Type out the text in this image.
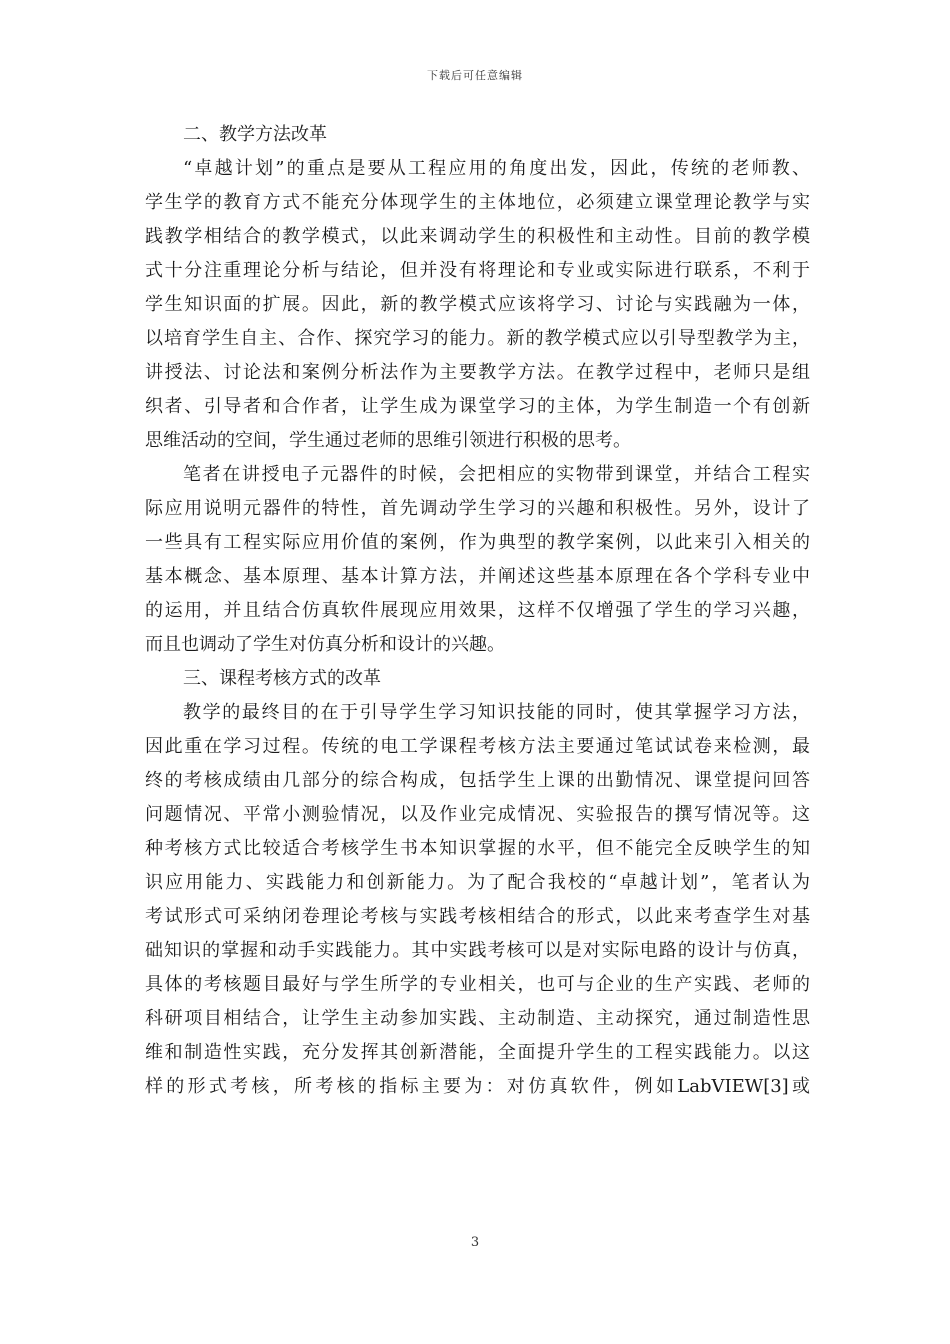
下载后可任意编辑
二、教学方法改革

“卓越计划”的重点是要从工程应用的角度出发，因此，传统的老师教、
学生学的教育方式不能充分体现学生的主体地位，必须建立课堂理论教学与实
践教学相结合的教学模式，以此来调动学生的积极性和主动性。目前的教学模
式十分注重理论分析与结论，但并没有将理论和专业或实际进行联系，不利于
学生知识面的扩展。因此，新的教学模式应该将学习、讨论与实践融为一体，
以培育学生自主、合作、探究学习的能力。新的教学模式应以引导型教学为主，
讲授法、讨论法和案例分析法作为主要教学方法。在教学过程中，老师只是组
织者、引导者和合作者，让学生成为课堂学习的主体，为学生制造一个有创新
思维活动的空间，学生通过老师的思维引领进行积极的思考。

笔者在讲授电子元器件的时候，会把相应的实物带到课堂，并结合工程实
际应用说明元器件的特性，首先调动学生学习的兴趣和积极性。另外，设计了
一些具有工程实际应用价值的案例，作为典型的教学案例，以此来引入相关的
基本概念、基本原理、基本计算方法，并阐述这些基本原理在各个学科专业中
的运用，并且结合仿真软件展现应用效果，这样不仅增强了学生的学习兴趣，
而且也调动了学生对仿真分析和设计的兴趣。

三、课程考核方式的改革

教学的最终目的在于引导学生学习知识技能的同时，使其掌握学习方法，
因此重在学习过程。传统的电工学课程考核方法主要通过笔试试卷来检测，最
终的考核成绩由几部分的综合构成，包括学生上课的出勤情况、课堂提问回答
问题情况、平常小测验情况，以及作业完成情况、实验报告的撰写情况等。这
种考核方式比较适合考核学生书本知识掌握的水平，但不能完全反映学生的知
识应用能力、实践能力和创新能力。为了配合我校的“卓越计划”，笔者认为
考试形式可采纳闭卷理论考核与实践考核相结合的形式，以此来考查学生对基
础知识的掌握和动手实践能力。其中实践考核可以是对实际电路的设计与仿真，
具体的考核题目最好与学生所学的专业相关，也可与企业的生产实践、老师的
科研项目相结合，让学生主动参加实践、主动制造、主动探究，通过制造性思
维和制造性实践，充分发挥其创新潜能，全面提升学生的工程实践能力。以这
样的形式考核，所考核的指标主要为：对仿真软件，例如LabVIEW[3]或

3
